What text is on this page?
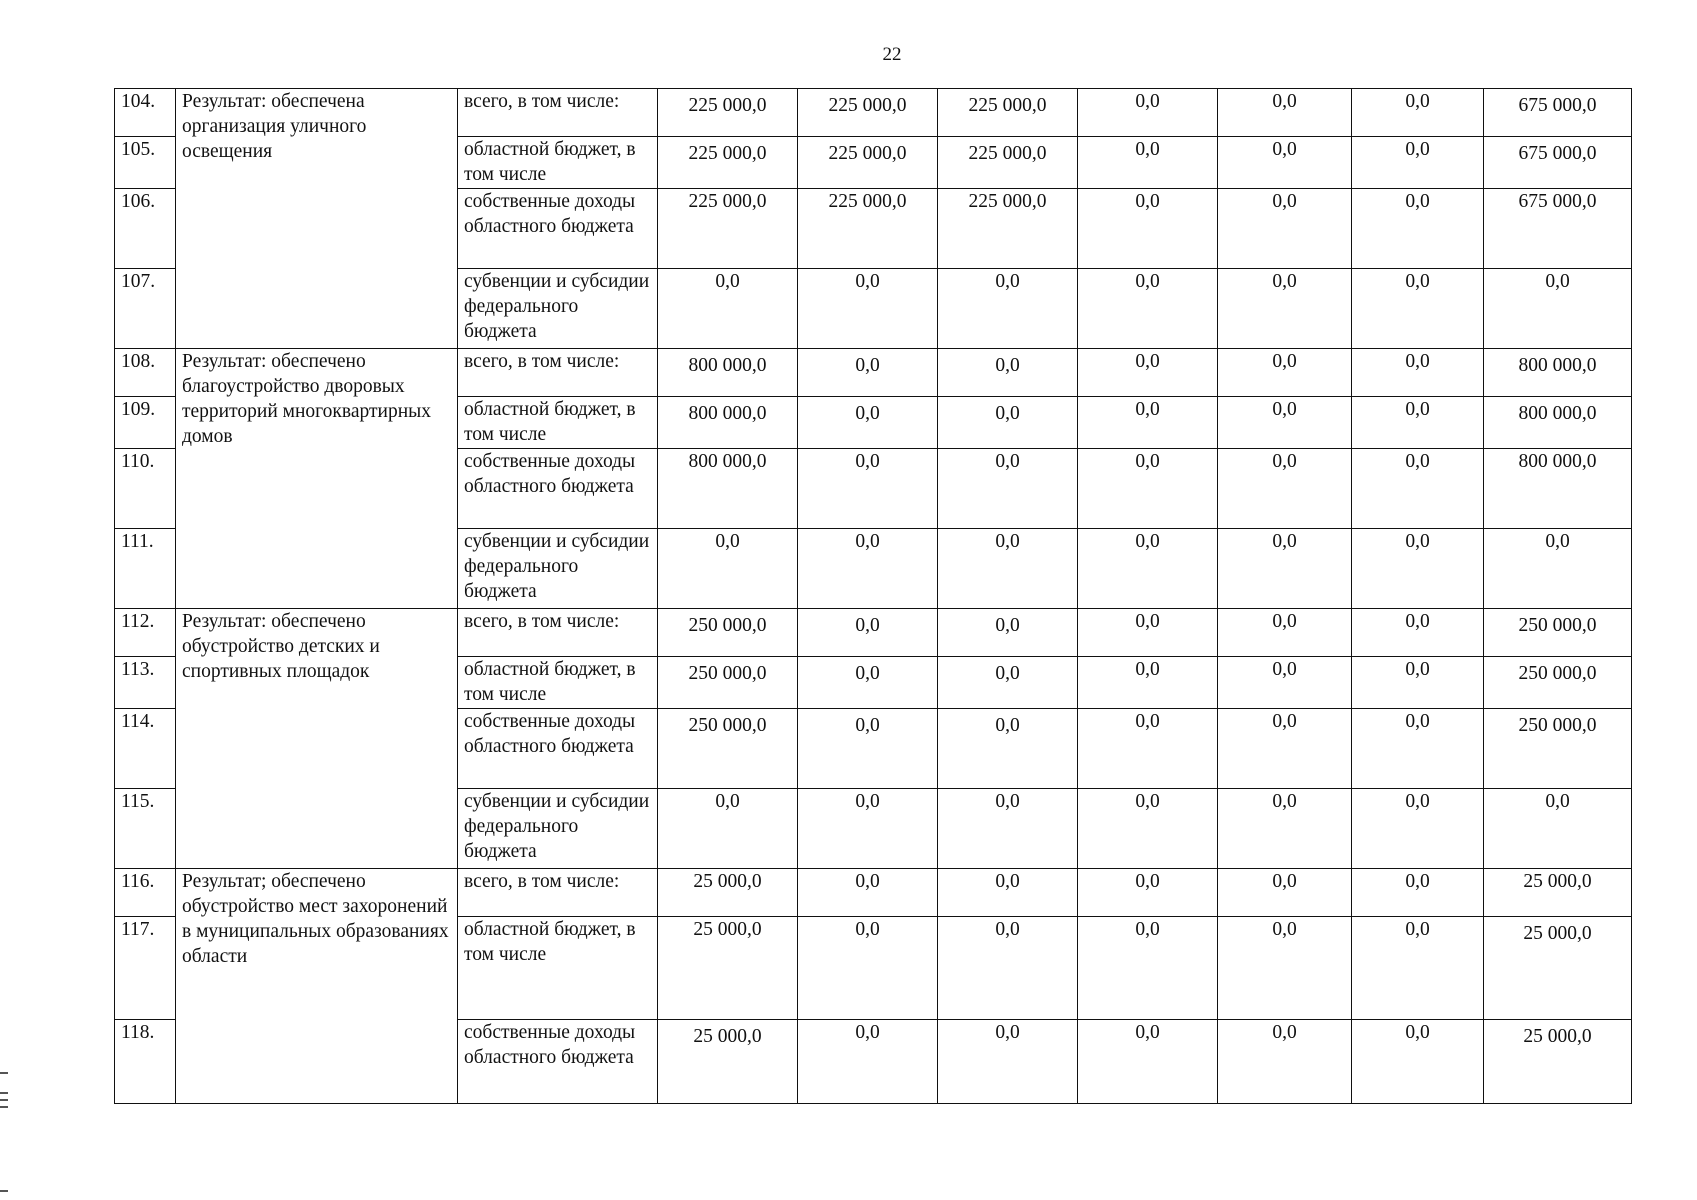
22
104.	Результат: обеспечена организация уличного освещения	всего, в том числе:	225 000,0	225 000,0	225 000,0	0,0	0,0	0,0	675 000,0
105.		областной бюджет, в том числе	225 000,0	225 000,0	225 000,0	0,0	0,0	0,0	675 000,0
106.		собственные доходы областного бюджета	225 000,0	225 000,0	225 000,0	0,0	0,0	0,0	675 000,0
107.		субвенции и субсидии федерального бюджета	0,0	0,0	0,0	0,0	0,0	0,0	0,0
108.	Результат: обеспечено благоустройство дворовых территорий многоквартирных домов	всего, в том числе:	800 000,0	0,0	0,0	0,0	0,0	0,0	800 000,0
109.		областной бюджет, в том числе	800 000,0	0,0	0,0	0,0	0,0	0,0	800 000,0
110.		собственные доходы областного бюджета	800 000,0	0,0	0,0	0,0	0,0	0,0	800 000,0
111.		субвенции и субсидии федерального бюджета	0,0	0,0	0,0	0,0	0,0	0,0	0,0
112.	Результат: обеспечено обустройство детских и спортивных площадок	всего, в том числе:	250 000,0	0,0	0,0	0,0	0,0	0,0	250 000,0
113.		областной бюджет, в том числе	250 000,0	0,0	0,0	0,0	0,0	0,0	250 000,0
114.		собственные доходы областного бюджета	250 000,0	0,0	0,0	0,0	0,0	0,0	250 000,0
115.		субвенции и субсидии федерального бюджета	0,0	0,0	0,0	0,0	0,0	0,0	0,0
116.	Результат; обеспечено обустройство мест захоронений в муниципальных образованиях области	всего, в том числе:	25 000,0	0,0	0,0	0,0	0,0	0,0	25 000,0
117.		областной бюджет, в том числе	25 000,0	0,0	0,0	0,0	0,0	0,0	25 000,0
118.		собственные доходы областного бюджета	25 000,0	0,0	0,0	0,0	0,0	0,0	25 000,0
